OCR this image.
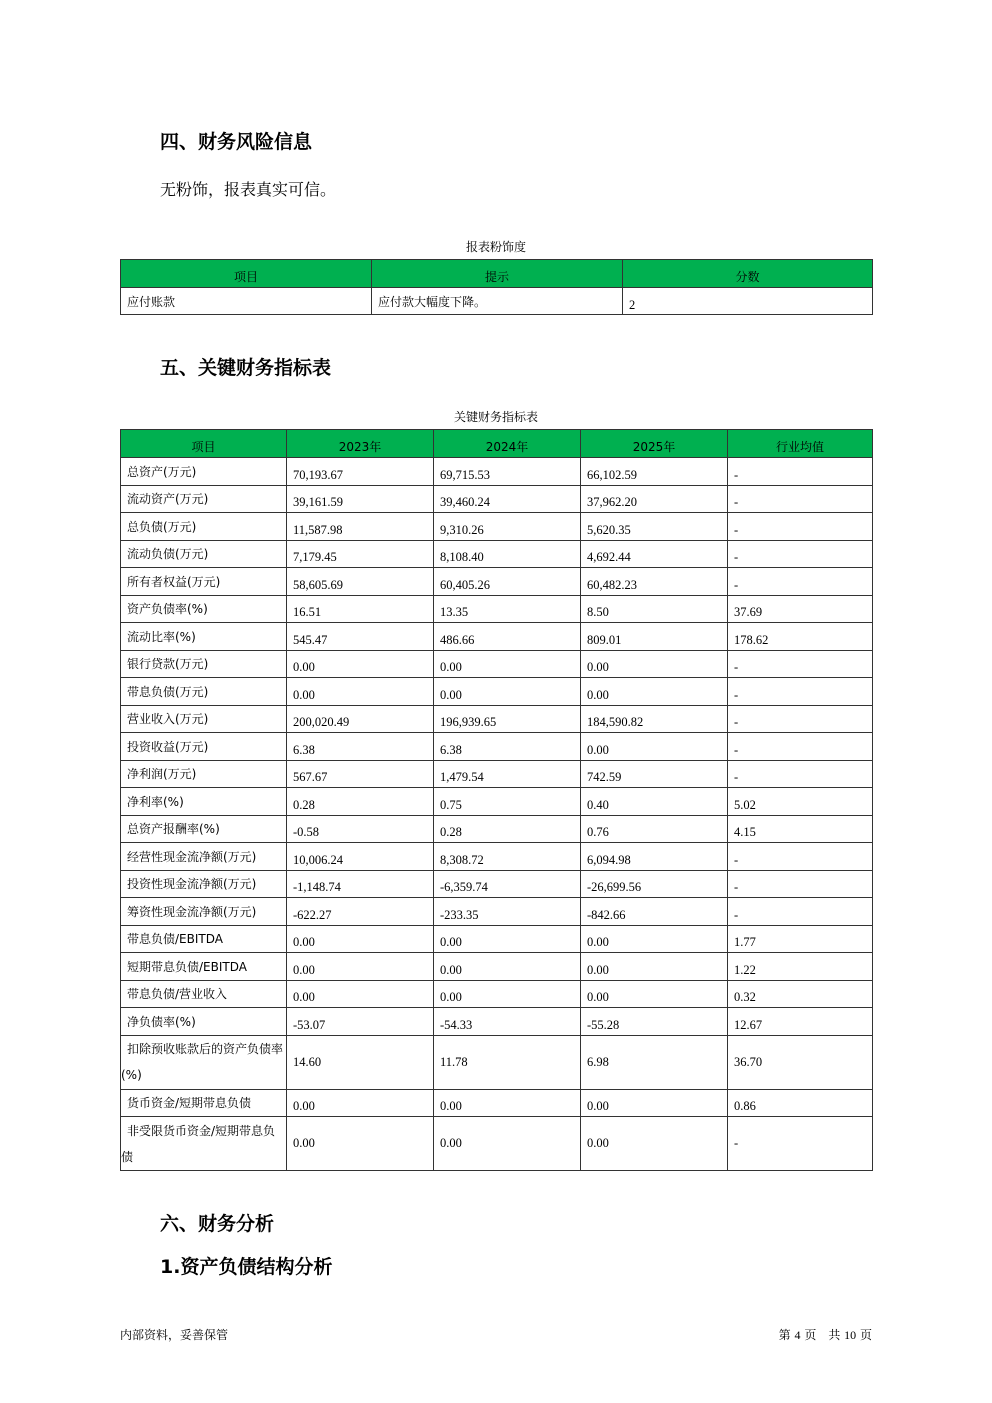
四、财务风险信息
无粉饰，报表真实可信。
报表粉饰度
项目	提示	分数
应付账款	应付款大幅度下降。	2
五、关键财务指标表
关键财务指标表
项目	2023年	2024年	2025年	行业均值
总资产(万元)	70,193.67	69,715.53	66,102.59	-
流动资产(万元)	39,161.59	39,460.24	37,962.20	-
总负债(万元)	11,587.98	9,310.26	5,620.35	-
流动负债(万元)	7,179.45	8,108.40	4,692.44	-
所有者权益(万元)	58,605.69	60,405.26	60,482.23	-
资产负债率(%)	16.51	13.35	8.50	37.69
流动比率(%)	545.47	486.66	809.01	178.62
银行贷款(万元)	0.00	0.00	0.00	-
带息负债(万元)	0.00	0.00	0.00	-
营业收入(万元)	200,020.49	196,939.65	184,590.82	-
投资收益(万元)	6.38	6.38	0.00	-
净利润(万元)	567.67	1,479.54	742.59	-
净利率(%)	0.28	0.75	0.40	5.02
总资产报酬率(%)	-0.58	0.28	0.76	4.15
经营性现金流净额(万元)	10,006.24	8,308.72	6,094.98	-
投资性现金流净额(万元)	-1,148.74	-6,359.74	-26,699.56	-
筹资性现金流净额(万元)	-622.27	-233.35	-842.66	-
带息负债/EBITDA	0.00	0.00	0.00	1.77
短期带息负债/EBITDA	0.00	0.00	0.00	1.22
带息负债/营业收入	0.00	0.00	0.00	0.32
净负债率(%)	-53.07	-54.33	-55.28	12.67
扣除预收账款后的资产负债率(%)	14.60	11.78	6.98	36.70
货币资金/短期带息负债	0.00	0.00	0.00	0.86
非受限货币资金/短期带息负债	0.00	0.00	0.00	-
六、财务分析
1.资产负债结构分析
内部资料，妥善保管	第 4 页　共 10 页
